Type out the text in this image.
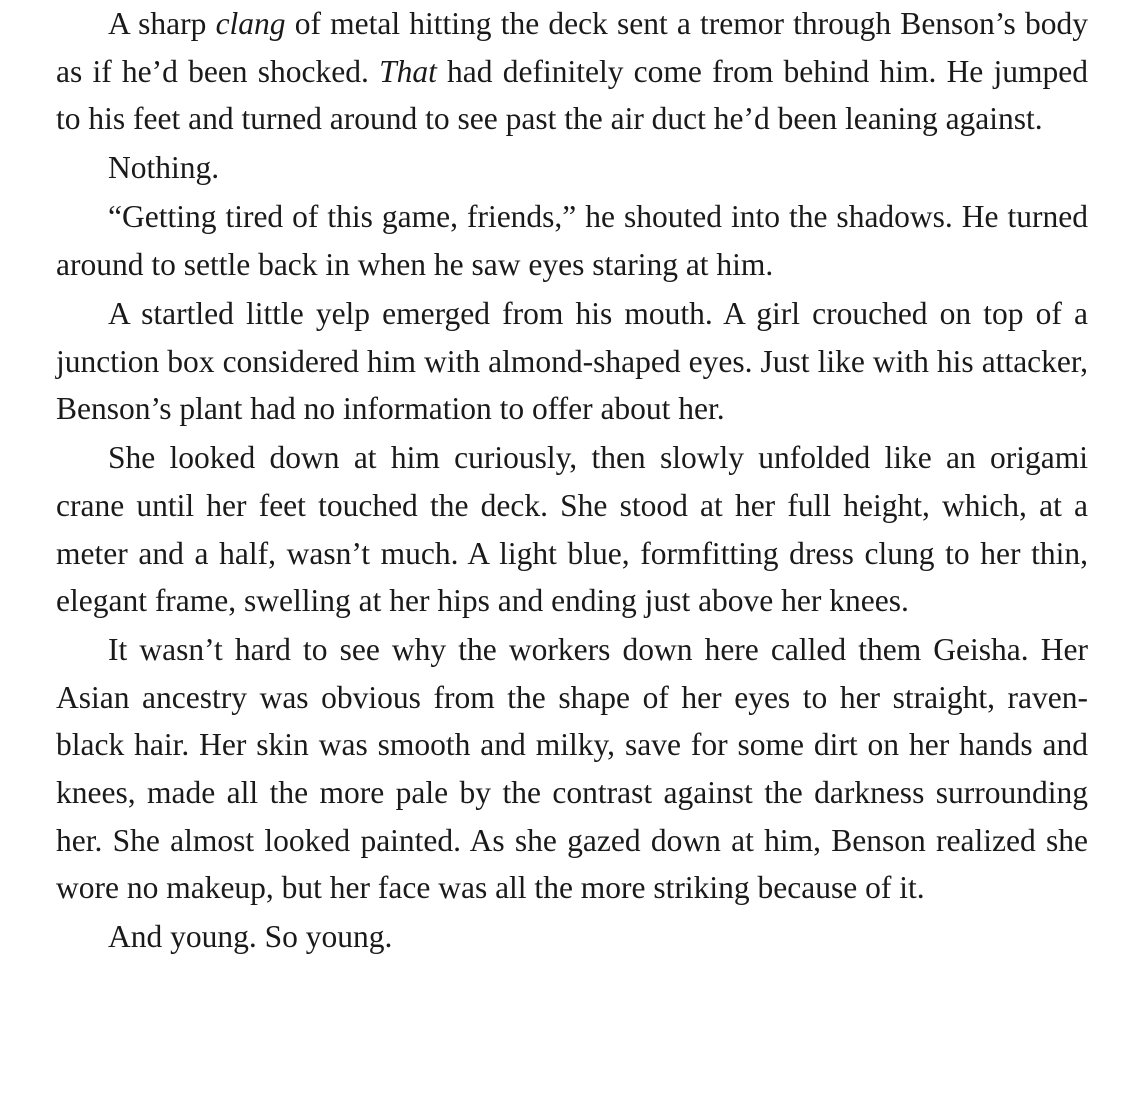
A sharp clang of metal hitting the deck sent a tremor through Benson’s body as if he’d been shocked. That had definitely come from behind him. He jumped to his feet and turned around to see past the air duct he’d been leaning against.

Nothing.

“Getting tired of this game, friends,” he shouted into the shadows. He turned around to settle back in when he saw eyes staring at him.

A startled little yelp emerged from his mouth. A girl crouched on top of a junction box considered him with almond-shaped eyes. Just like with his attacker, Benson’s plant had no information to offer about her.

She looked down at him curiously, then slowly unfolded like an origami crane until her feet touched the deck. She stood at her full height, which, at a meter and a half, wasn’t much. A light blue, formfitting dress clung to her thin, elegant frame, swelling at her hips and ending just above her knees.

It wasn’t hard to see why the workers down here called them Geisha. Her Asian ancestry was obvious from the shape of her eyes to her straight, raven-black hair. Her skin was smooth and milky, save for some dirt on her hands and knees, made all the more pale by the contrast against the darkness surrounding her. She almost looked painted. As she gazed down at him, Benson realized she wore no makeup, but her face was all the more striking because of it.

And young. So young.
